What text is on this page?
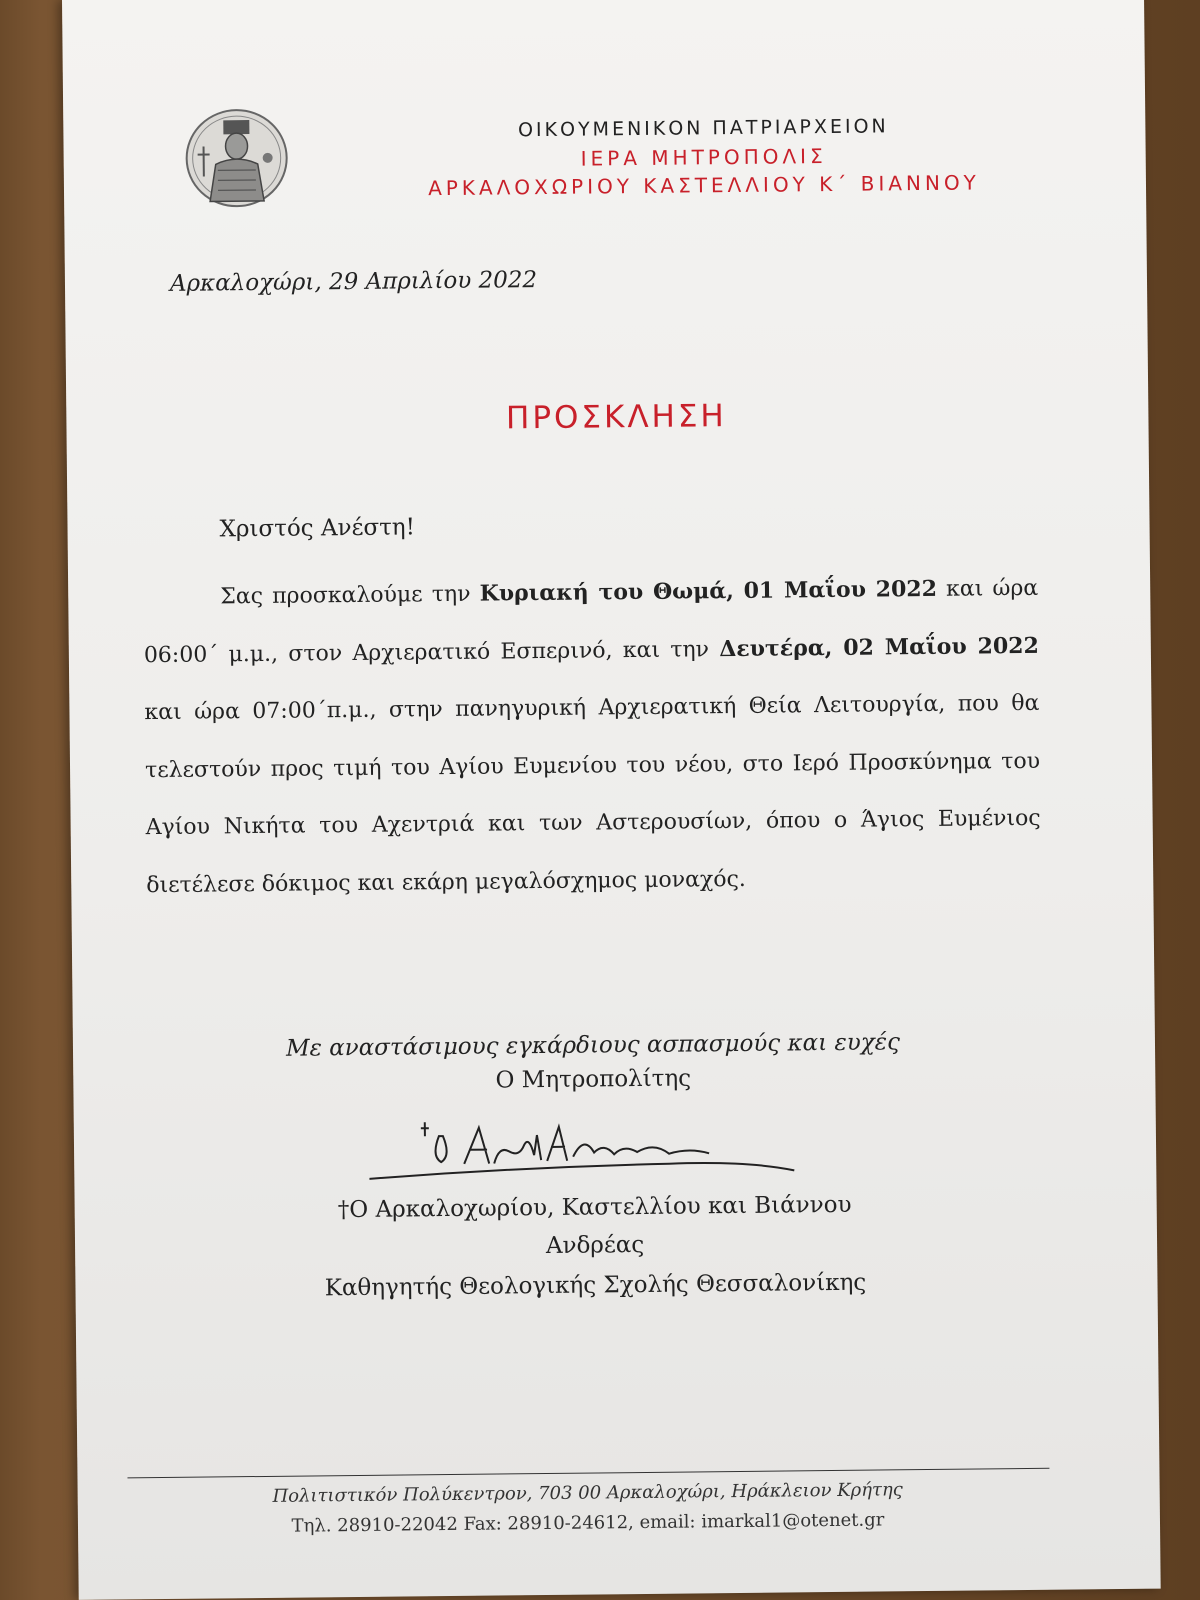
ΟΙΚΟΥΜΕΝΙΚΟΝ ΠΑΤΡΙΑΡΧΕΙΟΝ
ΙΕΡΑ ΜΗΤΡΟΠΟΛΙΣ
ΑΡΚΑΛΟΧΩΡΙΟΥ ΚΑΣΤΕΛΛΙΟΥ Κ΄ ΒΙΑΝΝΟΥ
Αρκαλοχώρι, 29 Απριλίου 2022
ΠΡΟΣΚΛΗΣΗ
Χριστός Ανέστη!
Σας προσκαλούμε την Κυριακή του Θωμά, 01 Μαΐου 2022 και ώρα 06:00΄ μ.μ., στον Αρχιερατικό Εσπερινό, και την Δευτέρα, 02 Μαΐου 2022 και ώρα 07:00΄π.μ., στην πανηγυρική Αρχιερατική Θεία Λειτουργία, που θα τελεστούν προς τιμή του Αγίου Ευμενίου του νέου, στο Ιερό Προσκύνημα του Αγίου Νικήτα του Αχεντριά και των Αστερουσίων, όπου ο Άγιος Ευμένιος διετέλεσε δόκιμος και εκάρη μεγαλόσχημος μοναχός.
Με αναστάσιμους εγκάρδιους ασπασμούς και ευχές
Ο Μητροπολίτης
†Ο Αρκαλοχωρίου, Καστελλίου και Βιάννου
Ανδρέας
Καθηγητής Θεολογικής Σχολής Θεσσαλονίκης
Πολιτιστικόν Πολύκεντρον, 703 00 Αρκαλοχώρι, Ηράκλειον Κρήτης
Τηλ. 28910-22042 Fax: 28910-24612, email: imarkal1@otenet.gr
